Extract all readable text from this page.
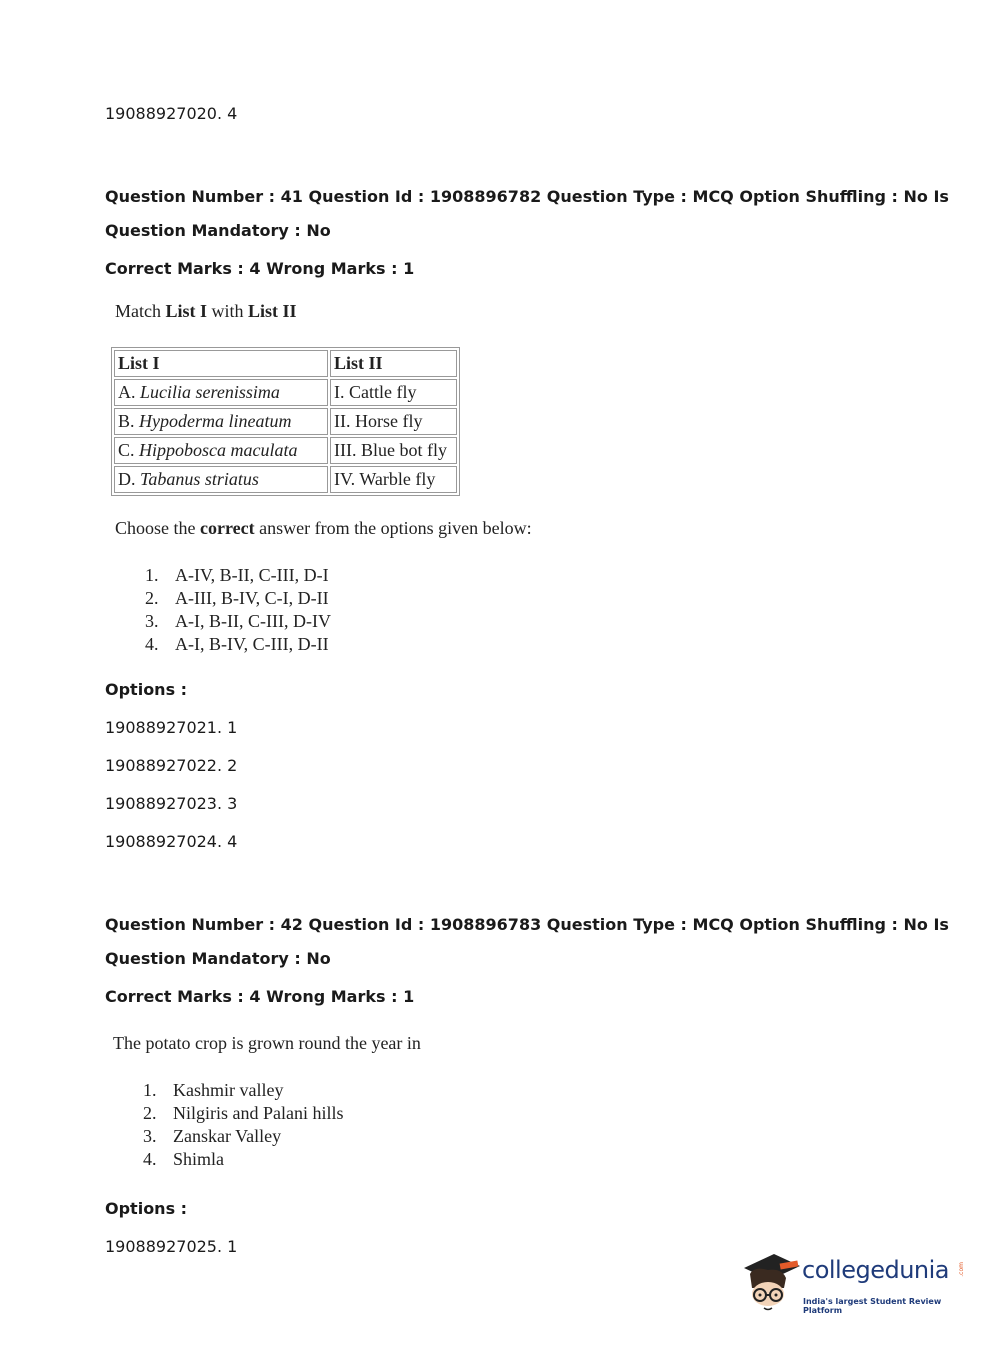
19088927020. 4
Question Number : 41 Question Id : 1908896782 Question Type : MCQ Option Shuffling : No Is
Question Mandatory : No
Correct Marks : 4 Wrong Marks : 1
Match List I with List II
List I	List II
A. Lucilia serenissima	I. Cattle fly
B. Hypoderma lineatum	II. Horse fly
C. Hippobosca maculata	III. Blue bot fly
D. Tabanus striatus	IV. Warble fly
Choose the correct answer from the options given below:
1. A-IV, B-II, C-III, D-I
2. A-III, B-IV, C-I, D-II
3. A-I, B-II, C-III, D-IV
4. A-I, B-IV, C-III, D-II
Options :
19088927021. 1
19088927022. 2
19088927023. 3
19088927024. 4
Question Number : 42 Question Id : 1908896783 Question Type : MCQ Option Shuffling : No Is
Question Mandatory : No
Correct Marks : 4 Wrong Marks : 1
The potato crop is grown round the year in
1. Kashmir valley
2. Nilgiris and Palani hills
3. Zanskar Valley
4. Shimla
Options :
19088927025. 1
collegedunia .com
India's largest Student Review Platform
